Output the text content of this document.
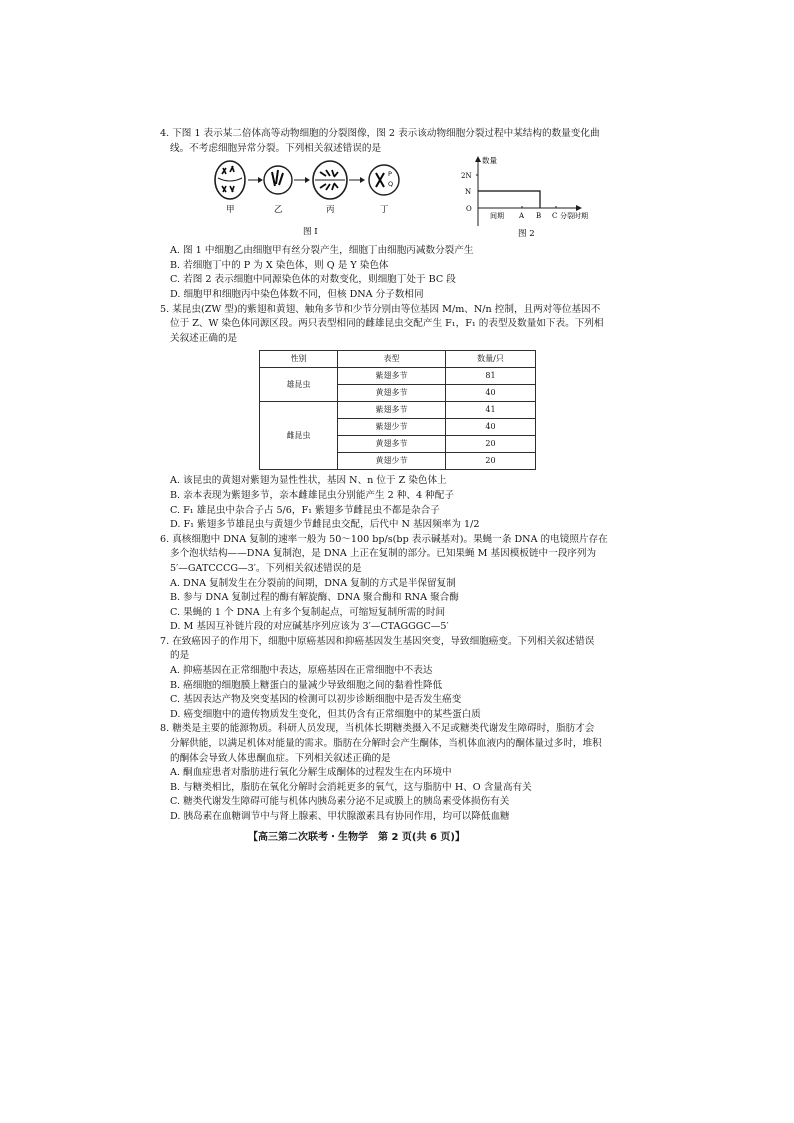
4. 下图 1 表示某二倍体高等动物细胞的分裂图像，图 2 表示该动物细胞分裂过程中某结构的数量变化曲
线。不考虑细胞异常分裂。下列相关叙述错误的是
P
Q
甲	乙	丙	丁
图 I
数量
2N
N
O
间期 A B C 分裂时期
图 2
A. 图 1 中细胞乙由细胞甲有丝分裂产生，细胞丁由细胞丙减数分裂产生
B. 若细胞丁中的 P 为 X 染色体，则 Q 是 Y 染色体
C. 若图 2 表示细胞中同源染色体的对数变化，则细胞丁处于 BC 段
D. 细胞甲和细胞丙中染色体数不同，但核 DNA 分子数相同
5. 某昆虫(ZW 型)的紫翅和黄翅、触角多节和少节分别由等位基因 M/m、N/n 控制，且两对等位基因不
位于 Z、W 染色体同源区段。两只表型相同的雌雄昆虫交配产生 F₁，F₁ 的表型及数量如下表。下列相
关叙述正确的是
性别	表型	数量/只
雄昆虫	紫翅多节	81
	黄翅多节	40
雌昆虫	紫翅多节	41
	紫翅少节	40
	黄翅多节	20
	黄翅少节	20
A. 该昆虫的黄翅对紫翅为显性性状，基因 N、n 位于 Z 染色体上
B. 亲本表现为紫翅多节，亲本雌雄昆虫分别能产生 2 种、4 种配子
C. F₁ 雄昆虫中杂合子占 5/6，F₁ 紫翅多节雌昆虫不都是杂合子
D. F₁ 紫翅多节雄昆虫与黄翅少节雌昆虫交配，后代中 N 基因频率为 1/2
6. 真核细胞中 DNA 复制的速率一般为 50～100 bp/s(bp 表示碱基对)。果蝇一条 DNA 的电镜照片存在
多个泡状结构——DNA 复制泡，是 DNA 上正在复制的部分。已知果蝇 M 基因模板链中一段序列为
5′—GATCCCG—3′。下列相关叙述错误的是
A. DNA 复制发生在分裂前的间期，DNA 复制的方式是半保留复制
B. 参与 DNA 复制过程的酶有解旋酶、DNA 聚合酶和 RNA 聚合酶
C. 果蝇的 1 个 DNA 上有多个复制起点，可缩短复制所需的时间
D. M 基因互补链片段的对应碱基序列应该为 3′—CTAGGGC—5′
7. 在致癌因子的作用下，细胞中原癌基因和抑癌基因发生基因突变，导致细胞癌变。下列相关叙述错误
的是
A. 抑癌基因在正常细胞中表达，原癌基因在正常细胞中不表达
B. 癌细胞的细胞膜上糖蛋白的量减少导致细胞之间的黏着性降低
C. 基因表达产物及突变基因的检测可以初步诊断细胞中是否发生癌变
D. 癌变细胞中的遗传物质发生变化，但其仍含有正常细胞中的某些蛋白质
8. 糖类是主要的能源物质。科研人员发现，当机体长期糖类摄入不足或糖类代谢发生障碍时，脂肪才会
分解供能，以满足机体对能量的需求。脂肪在分解时会产生酮体，当机体血液内的酮体量过多时，堆积
的酮体会导致人体患酮血症。下列相关叙述正确的是
A. 酮血症患者对脂肪进行氧化分解生成酮体的过程发生在内环境中
B. 与糖类相比，脂肪在氧化分解时会消耗更多的氧气，这与脂肪中 H、O 含量高有关
C. 糖类代谢发生障碍可能与机体内胰岛素分泌不足或膜上的胰岛素受体损伤有关
D. 胰岛素在血糖调节中与肾上腺素、甲状腺激素具有协同作用，均可以降低血糖
【高三第二次联考・生物学　第 2 页(共 6 页)】
